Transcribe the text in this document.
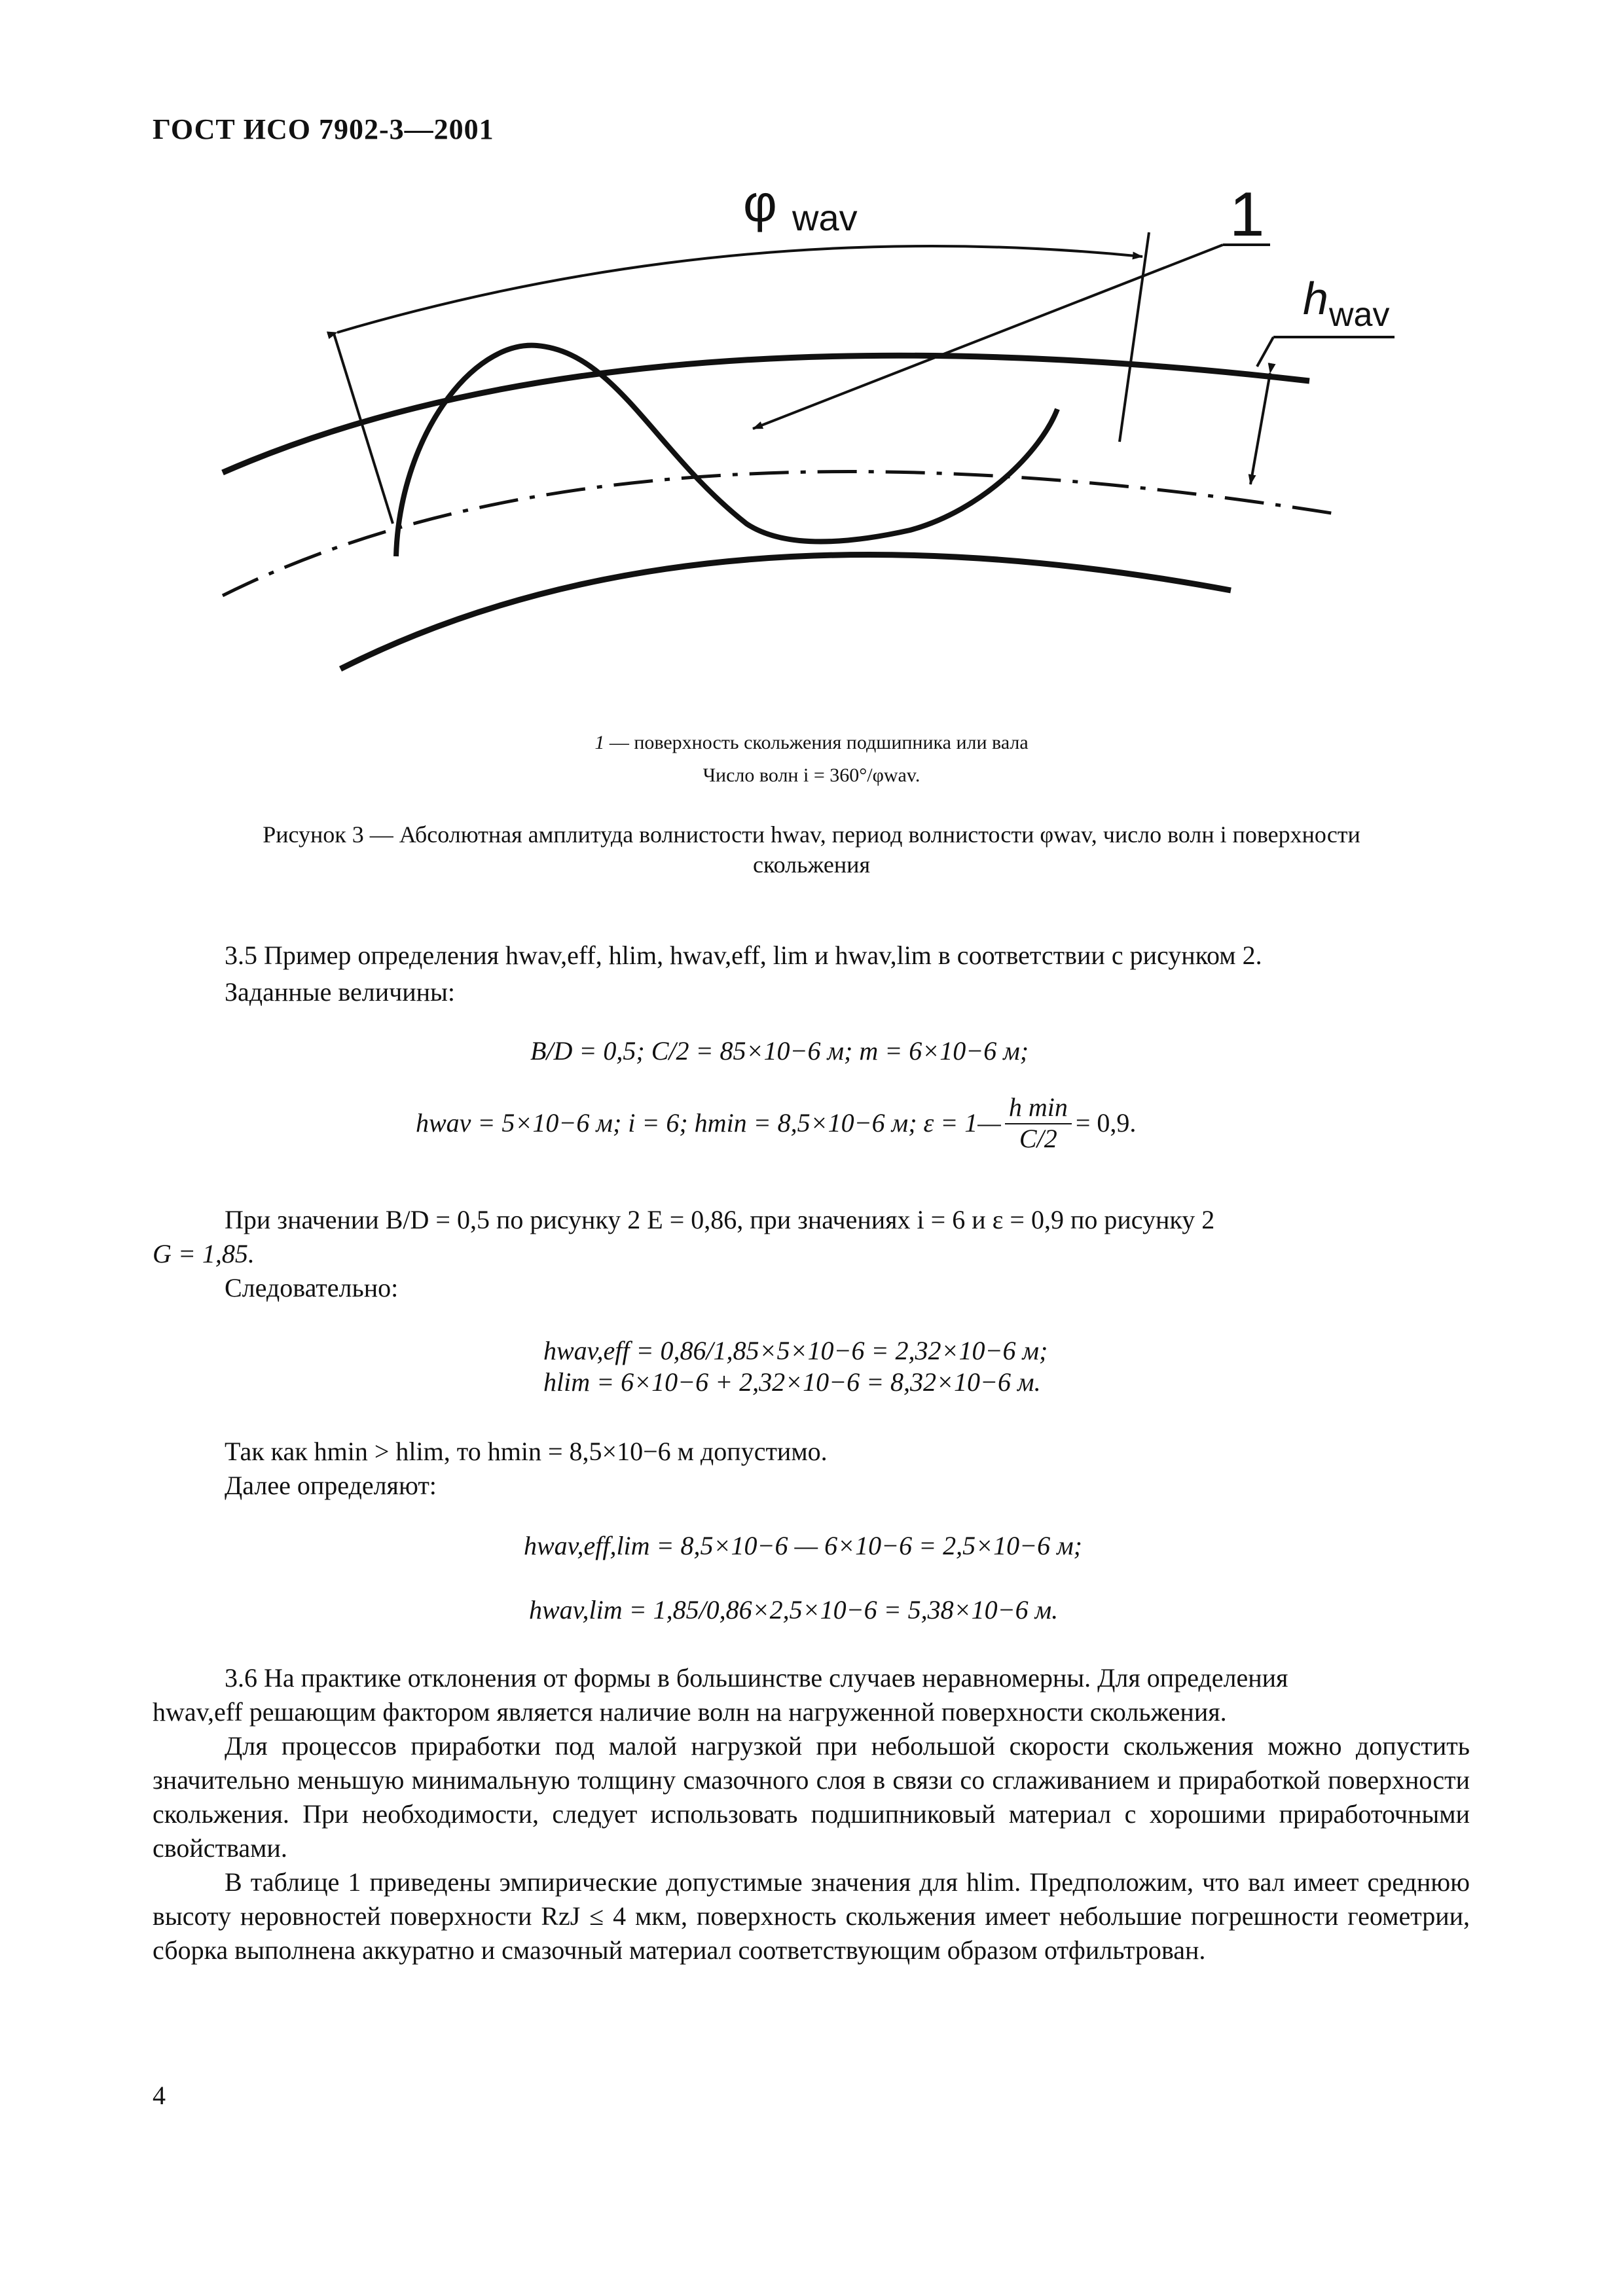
ГОСТ ИСО 7902-3—2001
φ wav	1
h wav
1 — поверхность скольжения подшипника или вала
Число волн i = 360°/φwav.
Рисунок 3 — Абсолютная амплитуда волнистости hwav, период волнистости φwav, число волн i поверхности
скольжения
3.5 Пример определения hwav,eff, hlim, hwav,eff, lim и hwav,lim в соответствии с рисунком 2.
Заданные величины:
B/D = 0,5; C/2 = 85×10−6 м; m = 6×10−6 м;
hwav = 5×10−6 м; i = 6; hmin = 8,5×10−6 м; ε = 1— $\frac{\text{h min}}{C/2} = 0,9$.
При значении B/D = 0,5 по рисунку 2 E = 0,86, при значениях i = 6 и ε = 0,9 по рисунку 2
G = 1,85.
Следовательно:
hwav,eff = 0,86/1,85×5×10−6 = 2,32×10−6 м;
hlim = 6×10−6 + 2,32×10−6 = 8,32×10−6 м.
Так как hmin > hlim, то hmin = 8,5×10−6 м допустимо.
Далее определяют:
hwav,eff,lim = 8,5×10−6 — 6×10−6 = 2,5×10−6 м;
hwav,lim = 1,85/0,86×2,5×10−6 = 5,38×10−6 м.
3.6 На практике отклонения от формы в большинстве случаев неравномерны. Для определения
hwav,eff решающим фактором является наличие волн на нагруженной поверхности скольжения.
Для процессов приработки под малой нагрузкой при небольшой скорости скольжения можно допустить значительно меньшую минимальную толщину смазочного слоя в связи со сглаживанием и приработкой поверхности скольжения. При необходимости, следует использовать подшипниковый материал с хорошими приработочными свойствами.
В таблице 1 приведены эмпирические допустимые значения для hlim. Предположим, что вал имеет среднюю высоту неровностей поверхности RzJ ≤ 4 мкм, поверхность скольжения имеет небольшие погрешности геометрии, сборка выполнена аккуратно и смазочный материал соответствующим образом отфильтрован.
4
